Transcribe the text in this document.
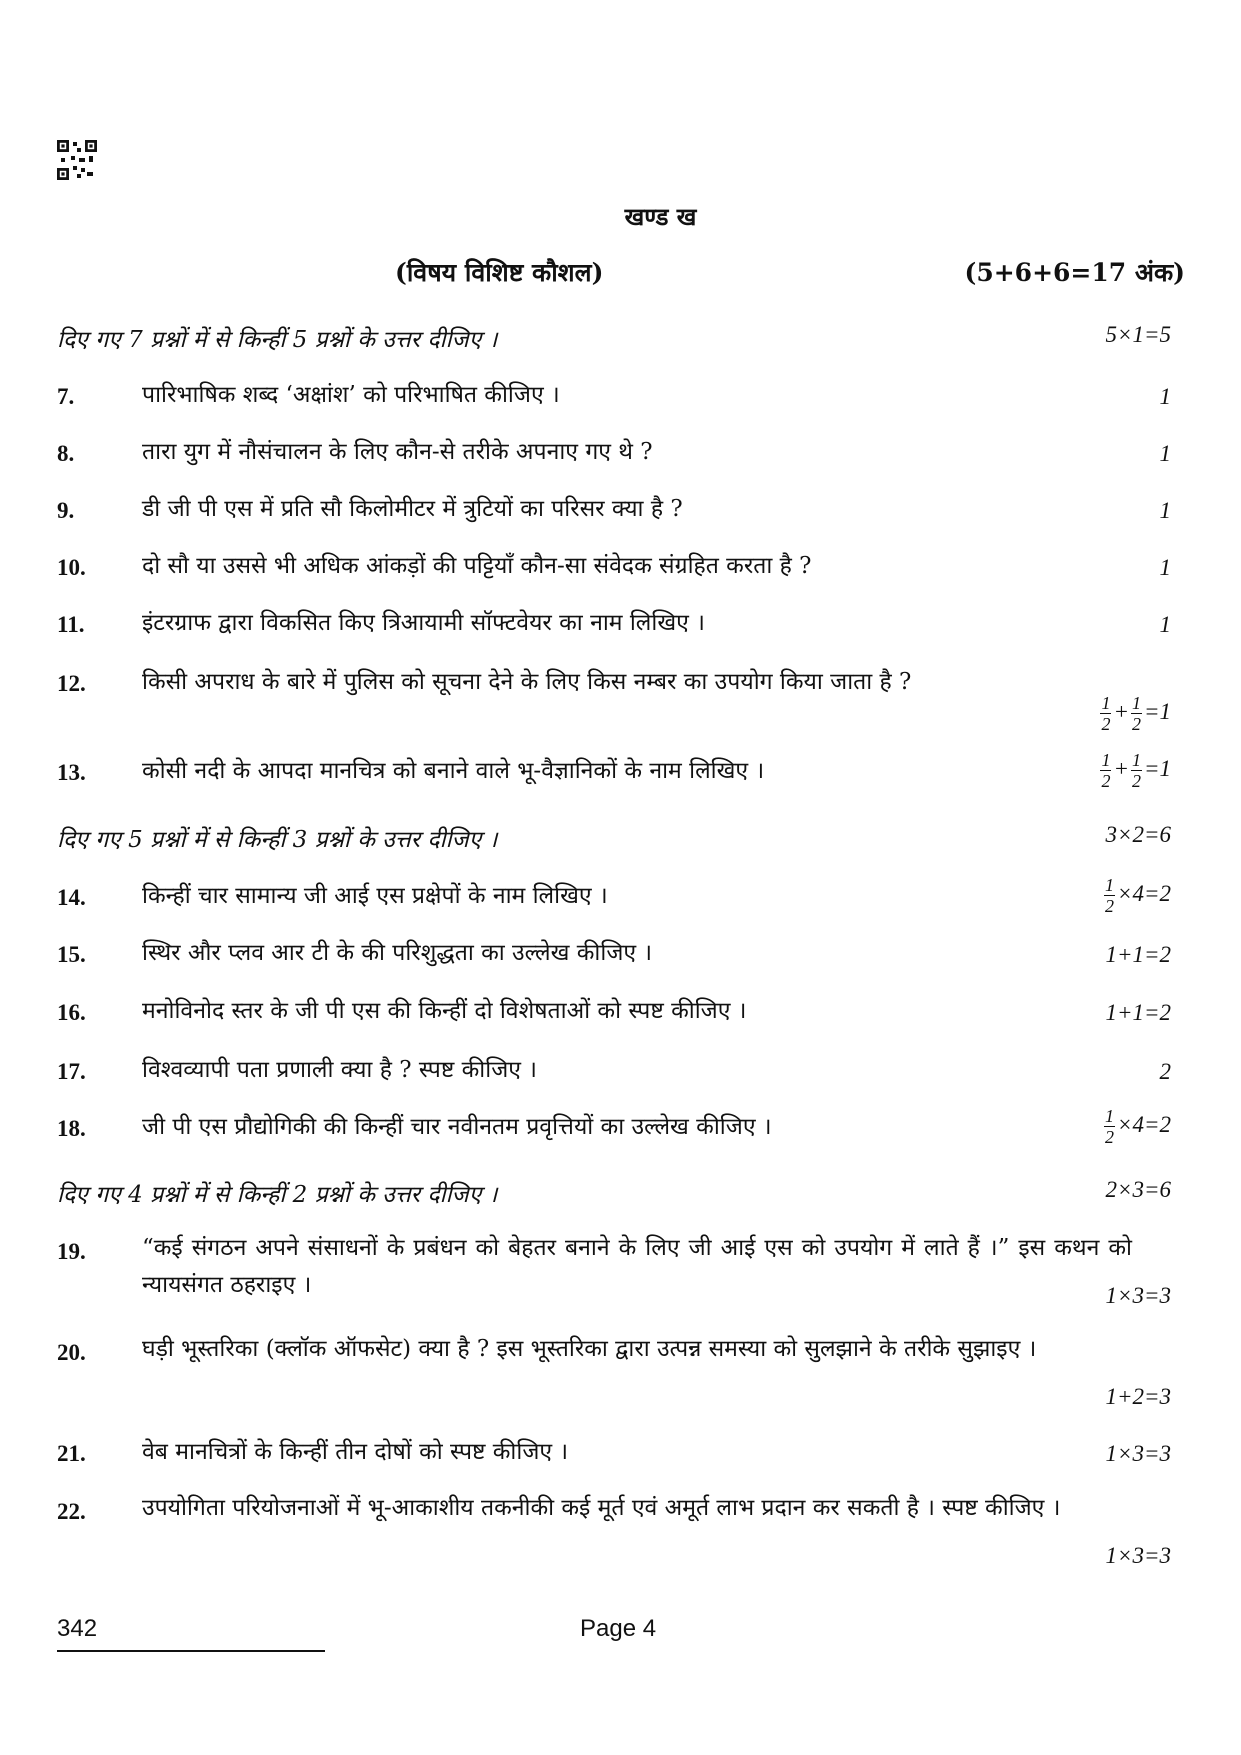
खण्ड ख
(विषय विशिष्ट कौशल)	(5+6+6=17 अंक)
दिए गए 7 प्रश्नों में से किन्हीं 5 प्रश्नों के उत्तर दीजिए ।	5×1=5
7.	पारिभाषिक शब्द ‘अक्षांश’ को परिभाषित कीजिए ।	1
8.	तारा युग में नौसंचालन के लिए कौन-से तरीके अपनाए गए थे ?	1
9.	डी जी पी एस में प्रति सौ किलोमीटर में त्रुटियों का परिसर क्या है ?	1
10. दो सौ या उससे भी अधिक आंकड़ों की पट्टियाँ कौन-सा संवेदक संग्रहित करता है ?	1
11.	इंटरग्राफ द्वारा विकसित किए त्रिआयामी सॉफ्टवेयर का नाम लिखिए ।	1
12. किसी अपराध के बारे में पुलिस को सूचना देने के लिए किस नम्बर का उपयोग किया जाता है ?
$\frac{1}{2} + \frac{1}{2} =1$
13. कोसी नदी के आपदा मानचित्र को बनाने वाले भू-वैज्ञानिकों के नाम लिखिए ।	$\frac{1}{2} + \frac{1}{2} =1$
दिए गए 5 प्रश्नों में से किन्हीं 3 प्रश्नों के उत्तर दीजिए ।	3×2=6
14. किन्हीं चार सामान्य जी आई एस प्रक्षेपों के नाम लिखिए ।	$\frac{1}{2} \times 4=2$
15. स्थिर और प्लव आर टी के की परिशुद्धता का उल्लेख कीजिए ।	1+1=2
16. मनोविनोद स्तर के जी पी एस की किन्हीं दो विशेषताओं को स्पष्ट कीजिए ।	1+1=2
17. विश्वव्यापी पता प्रणाली क्या है ? स्पष्ट कीजिए ।	2
18. जी पी एस प्रौद्योगिकी की किन्हीं चार नवीनतम प्रवृत्तियों का उल्लेख कीजिए ।	$\frac{1}{2} \times 4=2$
दिए गए 4 प्रश्नों में से किन्हीं 2 प्रश्नों के उत्तर दीजिए ।	2×3=6
19. “कई संगठन अपने संसाधनों के प्रबंधन को बेहतर बनाने के लिए जी आई एस को उपयोग में लाते हैं ।” इस कथन को न्यायसंगत ठहराइए ।	1×3=3
20. घड़ी भूस्तरिका (क्लॉक ऑफसेट) क्या है ? इस भूस्तरिका द्वारा उत्पन्न समस्या को सुलझाने के तरीके सुझाइए ।
1+2=3
21. वेब मानचित्रों के किन्हीं तीन दोषों को स्पष्ट कीजिए ।	1×3=3
22. उपयोगिता परियोजनाओं में भू-आकाशीय तकनीकी कई मूर्त एवं अमूर्त लाभ प्रदान कर सकती है । स्पष्ट कीजिए ।
1×3=3
342	Page 4
